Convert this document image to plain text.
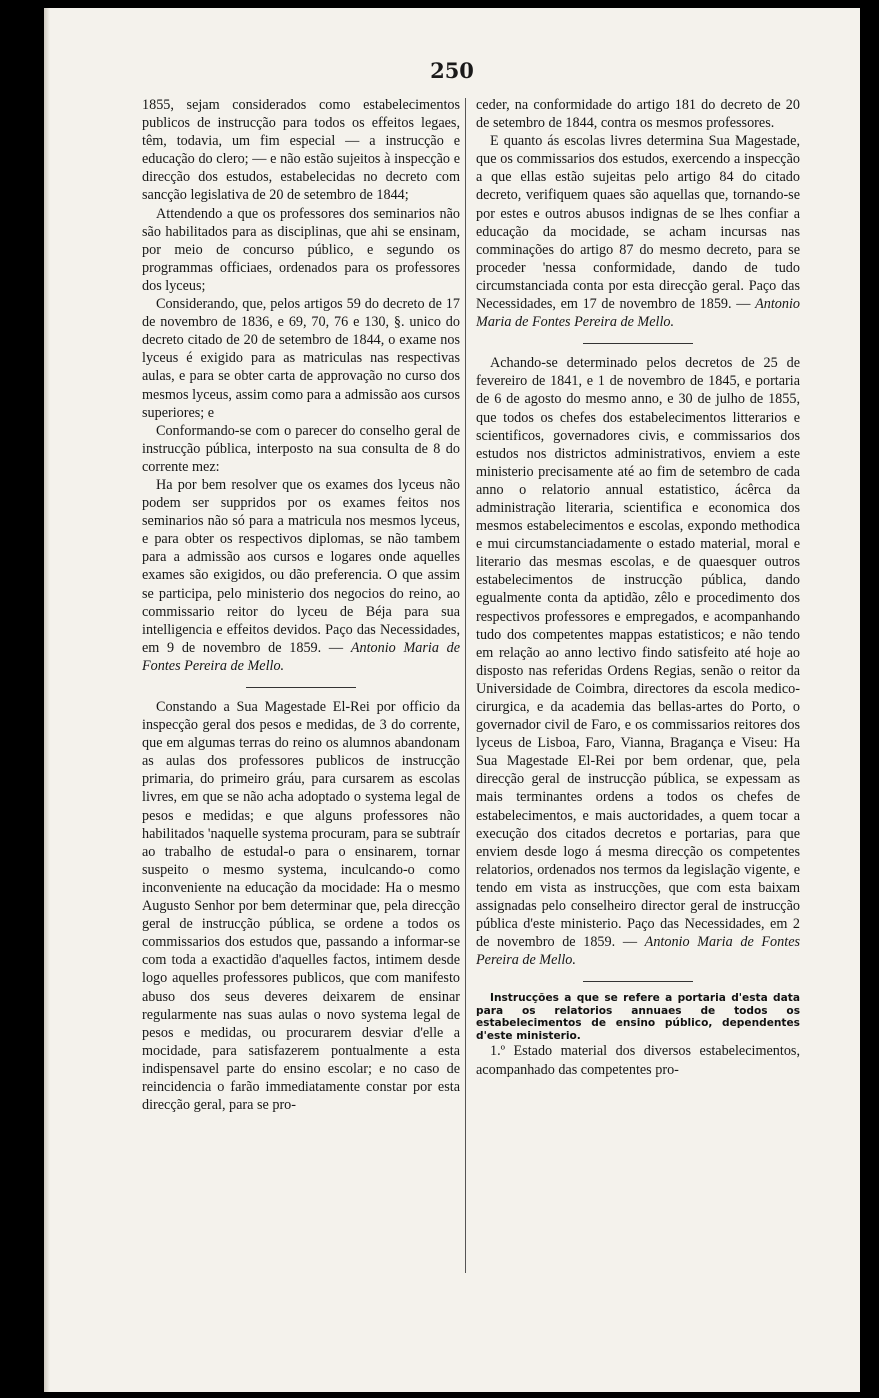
250

1855, sejam considerados como estabelecimentos publicos de instrucção para todos os effeitos legaes, têm, todavia, um fim especial — a instrucção e educação do clero; — e não estão sujeitos à inspecção e direcção dos estudos, estabelecidas no decreto com sancção legislativa de 20 de setembro de 1844;

Attendendo a que os professores dos seminarios não são habilitados para as disciplinas, que ahi se ensinam, por meio de concurso público, e segundo os programmas officiaes, ordenados para os professores dos lyceus;

Considerando, que, pelos artigos 59 do decreto de 17 de novembro de 1836, e 69, 70, 76 e 130, §. unico do decreto citado de 20 de setembro de 1844, o exame nos lyceus é exigido para as matriculas nas respectivas aulas, e para se obter carta de approvação no curso dos mesmos lyceus, assim como para a admissão aos cursos superiores; e

Conformando-se com o parecer do conselho geral de instrucção pública, interposto na sua consulta de 8 do corrente mez:

Ha por bem resolver que os exames dos lyceus não podem ser suppridos por os exames feitos nos seminarios não só para a matricula nos mesmos lyceus, e para obter os respectivos diplomas, se não tambem para a admissão aos cursos e logares onde aquelles exames são exigidos, ou dão preferencia. O que assim se participa, pelo ministerio dos negocios do reino, ao commissario reitor do lyceu de Béja para sua intelligencia e effeitos devidos. Paço das Necessidades, em 9 de novembro de 1859. — Antonio Maria de Fontes Pereira de Mello.

Constando a Sua Magestade El-Rei por officio da inspecção geral dos pesos e medidas, de 3 do corrente, que em algumas terras do reino os alumnos abandonam as aulas dos professores publicos de instrucção primaria, do primeiro gráu, para cursarem as escolas livres, em que se não acha adoptado o systema legal de pesos e medidas; e que alguns professores não habilitados 'naquelle systema procuram, para se subtraír ao trabalho de estudal-o para o ensinarem, tornar suspeito o mesmo systema, inculcando-o como inconveniente na educação da mocidade: Ha o mesmo Augusto Senhor por bem determinar que, pela direcção geral de instrucção pública, se ordene a todos os commissarios dos estudos que, passando a informar-se com toda a exactidão d'aquelles factos, intimem desde logo aquelles professores publicos, que com manifesto abuso dos seus deveres deixarem de ensinar regularmente nas suas aulas o novo systema legal de pesos e medidas, ou procurarem desviar d'elle a mocidade, para satisfazerem pontualmente a esta indispensavel parte do ensino escolar; e no caso de reincidencia o farão immediatamente constar por esta direcção geral, para se pro-

ceder, na conformidade do artigo 181 do decreto de 20 de setembro de 1844, contra os mesmos professores.

E quanto ás escolas livres determina Sua Magestade, que os commissarios dos estudos, exercendo a inspecção a que ellas estão sujeitas pelo artigo 84 do citado decreto, verifiquem quaes são aquellas que, tornando-se por estes e outros abusos indignas de se lhes confiar a educação da mocidade, se acham incursas nas comminações do artigo 87 do mesmo decreto, para se proceder 'nessa conformidade, dando de tudo circumstanciada conta por esta direcção geral. Paço das Necessidades, em 17 de novembro de 1859. — Antonio Maria de Fontes Pereira de Mello.

Achando-se determinado pelos decretos de 25 de fevereiro de 1841, e 1 de novembro de 1845, e portaria de 6 de agosto do mesmo anno, e 30 de julho de 1855, que todos os chefes dos estabelecimentos litterarios e scientificos, governadores civis, e commissarios dos estudos nos districtos administrativos, enviem a este ministerio precisamente até ao fim de setembro de cada anno o relatorio annual estatistico, ácêrca da administração literaria, scientifica e economica dos mesmos estabelecimentos e escolas, expondo methodica e mui circumstanciadamente o estado material, moral e literario das mesmas escolas, e de quaesquer outros estabelecimentos de instrucção pública, dando egualmente conta da aptidão, zêlo e procedimento dos respectivos professores e empregados, e acompanhando tudo dos competentes mappas estatisticos; e não tendo em relação ao anno lectivo findo satisfeito até hoje ao disposto nas referidas Ordens Regias, senão o reitor da Universidade de Coimbra, directores da escola medico-cirurgica, e da academia das bellas-artes do Porto, o governador civil de Faro, e os commissarios reitores dos lyceus de Lisboa, Faro, Vianna, Bragança e Viseu: Ha Sua Magestade El-Rei por bem ordenar, que, pela direcção geral de instrucção pública, se expessam as mais terminantes ordens a todos os chefes de estabelecimentos, e mais auctoridades, a quem tocar a execução dos citados decretos e portarias, para que enviem desde logo á mesma direcção os competentes relatorios, ordenados nos termos da legislação vigente, e tendo em vista as instrucções, que com esta baixam assignadas pelo conselheiro director geral de instrucção pública d'este ministerio. Paço das Necessidades, em 2 de novembro de 1859. — Antonio Maria de Fontes Pereira de Mello.

Instrucções a que se refere a portaria d'esta data para os relatorios annuaes de todos os estabelecimentos de ensino público, dependentes d'este ministerio.

1.º Estado material dos diversos estabelecimentos, acompanhado das competentes pro-
